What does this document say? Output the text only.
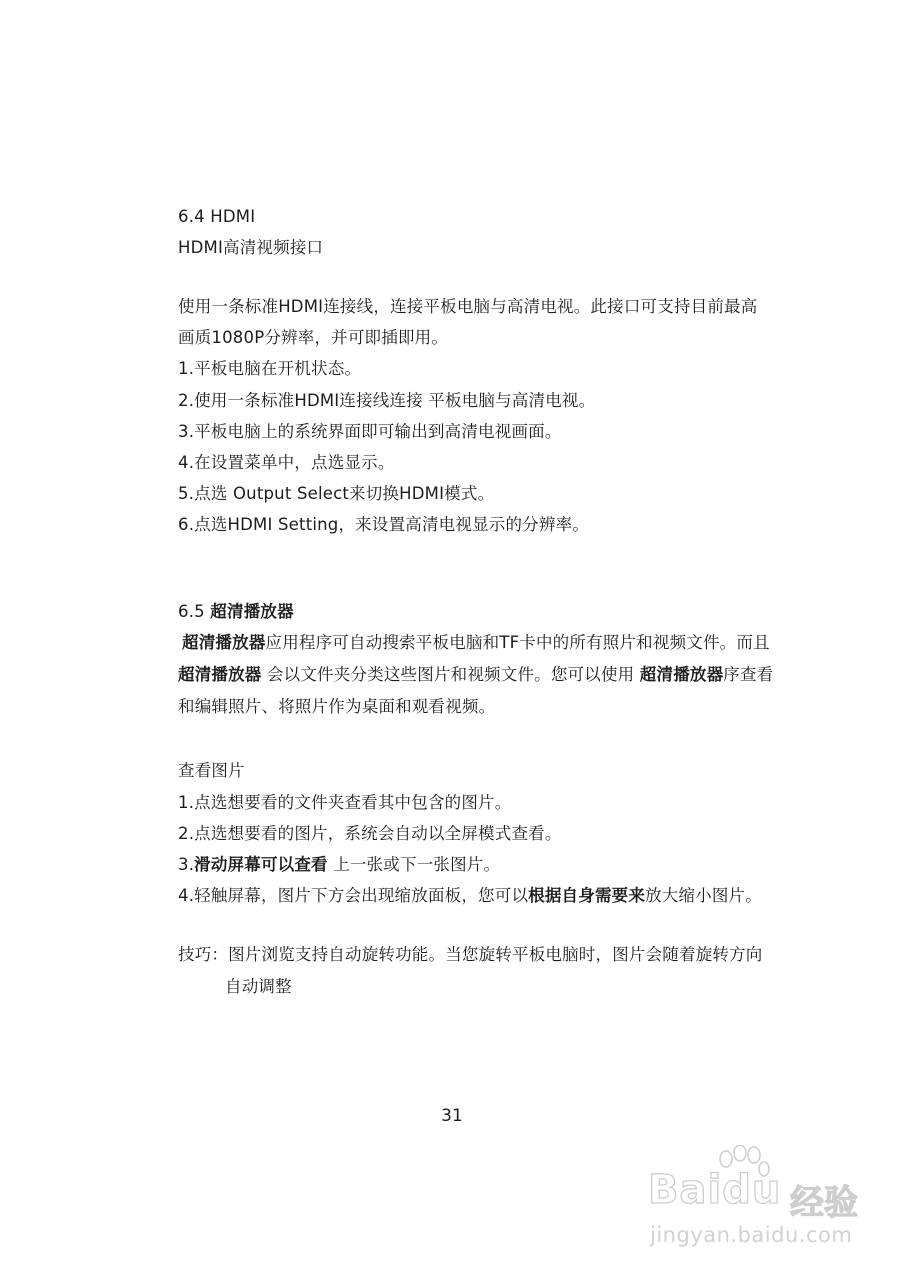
6.4 HDMI
HDMI高清视频接口
使用一条标准HDMI连接线，连接平板电脑与高清电视。此接口可支持目前最高
画质1080P分辨率，并可即插即用。
1.平板电脑在开机状态。
2.使用一条标准HDMI连接线连接 平板电脑与高清电视。
3.平板电脑上的系统界面即可输出到高清电视画面。
4.在设置菜单中，点选显示。
5.点选 Output Select来切换HDMI模式。
6.点选HDMI Setting，来设置高清电视显示的分辨率。
6.5 超清播放器
超清播放器应用程序可自动搜索平板电脑和TF卡中的所有照片和视频文件。而且
超清播放器 会以文件夹分类这些图片和视频文件。您可以使用 超清播放器序查看
和编辑照片、将照片作为桌面和观看视频。
查看图片
1.点选想要看的文件夹查看其中包含的图片。
2.点选想要看的图片，系统会自动以全屏模式查看。
3.滑动屏幕可以查看 上一张或下一张图片。
4.轻触屏幕，图片下方会出现缩放面板，您可以根据自身需要来放大缩小图片。
技巧：图片浏览支持自动旋转功能。当您旋转平板电脑时，图片会随着旋转方向
自动调整
31
Baidu 经验
jingyan.baidu.com
